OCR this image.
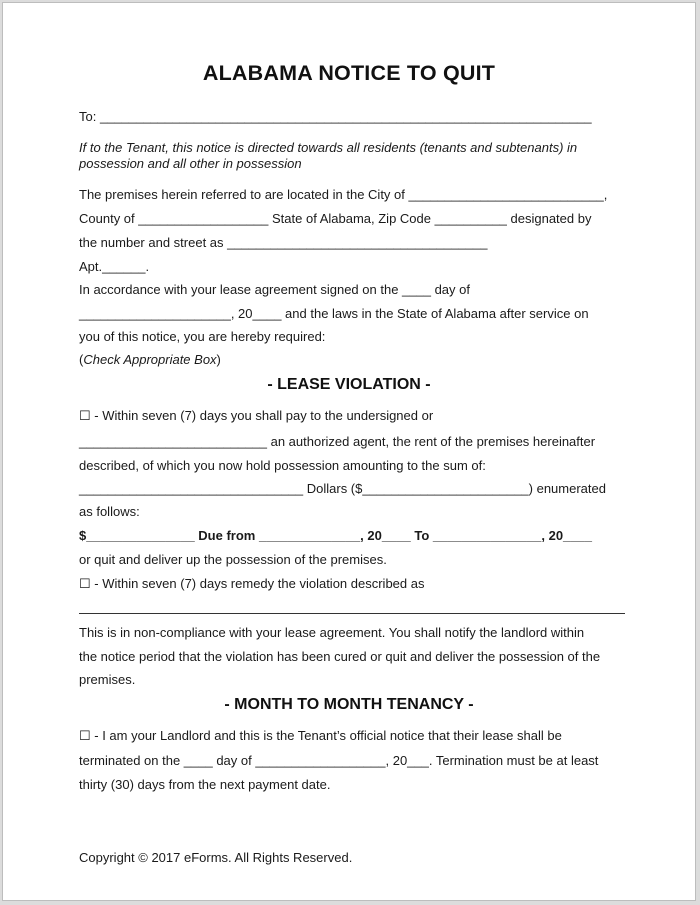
ALABAMA NOTICE TO QUIT
To: ____________________________________________________________________
If to the Tenant, this notice is directed towards all residents (tenants and subtenants) in
possession and all other in possession
The premises herein referred to are located in the City of ___________________________,
County of __________________ State of Alabama, Zip Code __________ designated by
the number and street as ____________________________________
Apt.______.
In accordance with your lease agreement signed on the ____ day of
_____________________, 20____ and the laws in the State of Alabama after service on
you of this notice, you are hereby required:
(Check Appropriate Box)
- LEASE VIOLATION -
☐ - Within seven (7) days you shall pay to the undersigned or
__________________________ an authorized agent, the rent of the premises hereinafter
described, of which you now hold possession amounting to the sum of:
_______________________________ Dollars ($_______________________) enumerated
as follows:
$_______________ Due from ______________, 20____ To _______________, 20____
or quit and deliver up the possession of the premises.
☐ - Within seven (7) days remedy the violation described as
This is in non-compliance with your lease agreement. You shall notify the landlord within
the notice period that the violation has been cured or quit and deliver the possession of the
premises.
- MONTH TO MONTH TENANCY -
☐ - I am your Landlord and this is the Tenant’s official notice that their lease shall be
terminated on the ____ day of __________________, 20___. Termination must be at least
thirty (30) days from the next payment date.
Copyright © 2017 eForms. All Rights Reserved.
